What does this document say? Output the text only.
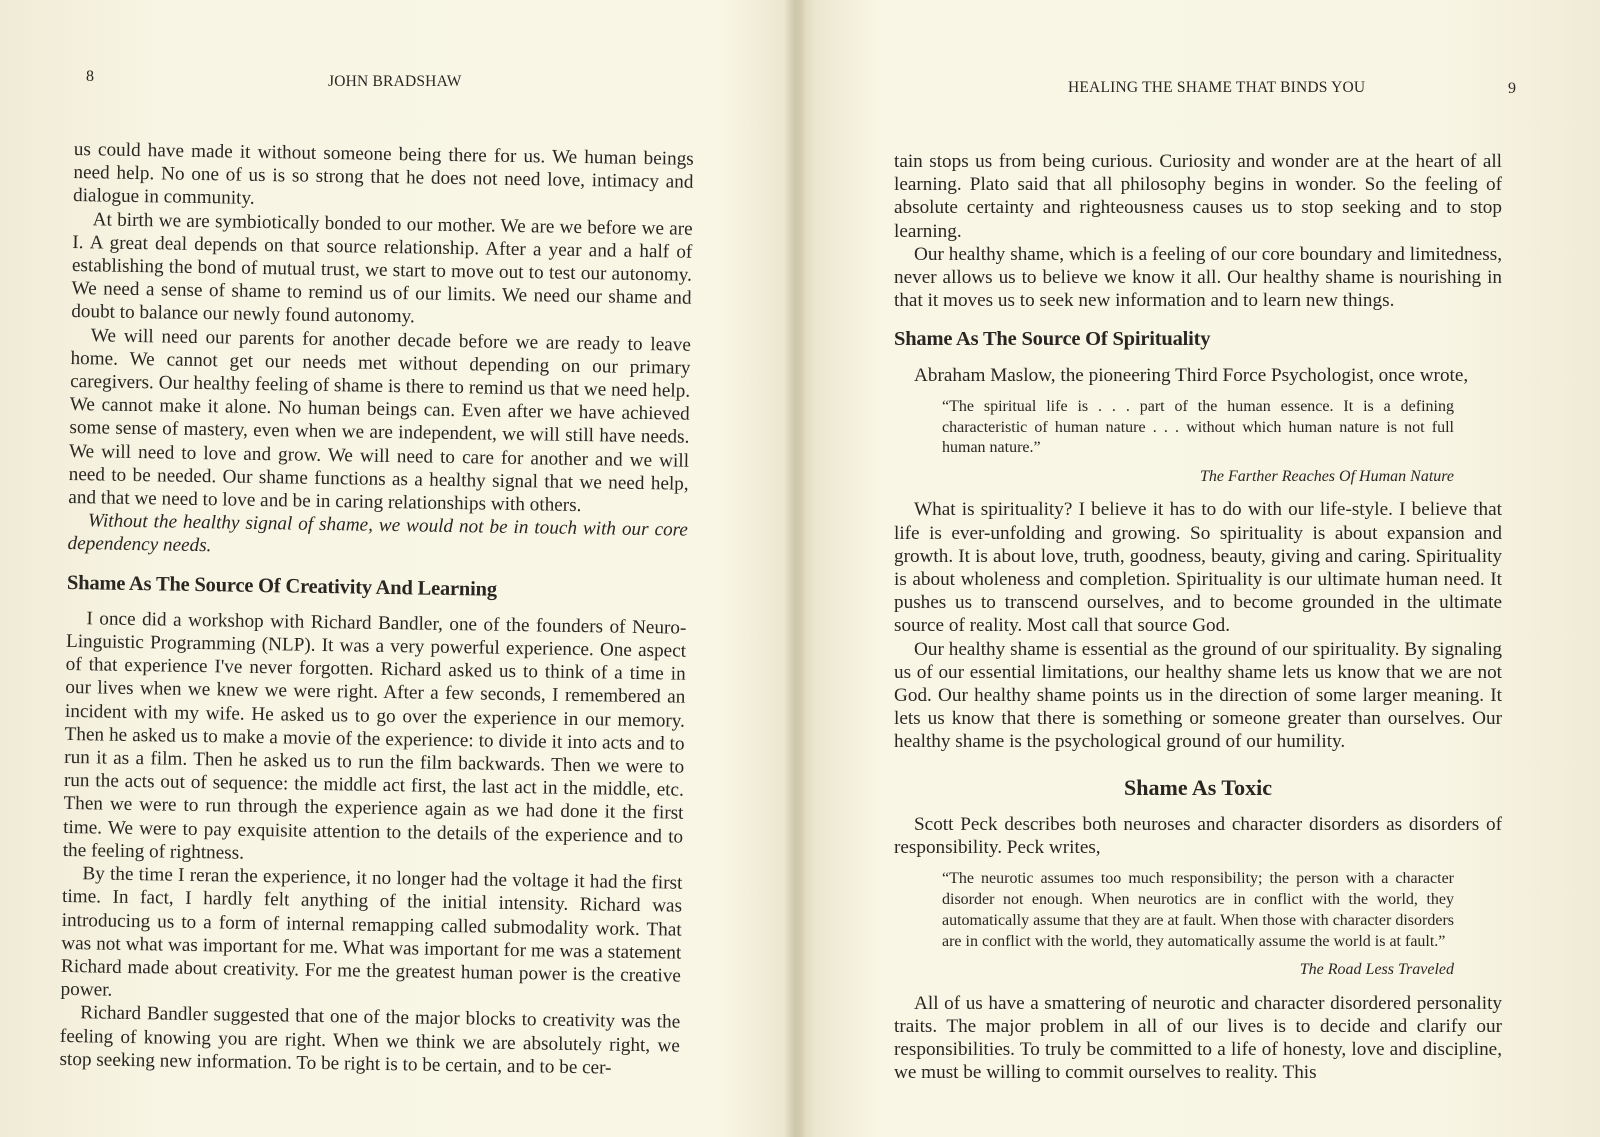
8	JOHN BRADSHAW

us could have made it without someone being there for us. We human beings need help. No one of us is so strong that he does not need love, intimacy and dialogue in community.

At birth we are symbiotically bonded to our mother. We are we before we are I. A great deal depends on that source relationship. After a year and a half of establishing the bond of mutual trust, we start to move out to test our autonomy. We need a sense of shame to remind us of our limits. We need our shame and doubt to balance our newly found autonomy.

We will need our parents for another decade before we are ready to leave home. We cannot get our needs met without depending on our primary caregivers. Our healthy feeling of shame is there to remind us that we need help. We cannot make it alone. No human beings can. Even after we have achieved some sense of mastery, even when we are independent, we will still have needs. We will need to love and grow. We will need to care for another and we will need to be needed. Our shame functions as a healthy signal that we need help, and that we need to love and be in caring relationships with others.

Without the healthy signal of shame, we would not be in touch with our core dependency needs.

Shame As The Source Of Creativity And Learning

I once did a workshop with Richard Bandler, one of the founders of Neuro-Linguistic Programming (NLP). It was a very powerful experience. One aspect of that experience I've never forgotten. Richard asked us to think of a time in our lives when we knew we were right. After a few seconds, I remembered an incident with my wife. He asked us to go over the experience in our memory. Then he asked us to make a movie of the experience: to divide it into acts and to run it as a film. Then he asked us to run the film backwards. Then we were to run the acts out of sequence: the middle act first, the last act in the middle, etc. Then we were to run through the experience again as we had done it the first time. We were to pay exquisite attention to the details of the experience and to the feeling of rightness.

By the time I reran the experience, it no longer had the voltage it had the first time. In fact, I hardly felt anything of the initial intensity. Richard was introducing us to a form of internal remapping called submodality work. That was not what was important for me. What was important for me was a statement Richard made about creativity. For me the greatest human power is the creative power.

Richard Bandler suggested that one of the major blocks to creativity was the feeling of knowing you are right. When we think we are absolutely right, we stop seeking new information. To be right is to be certain, and to be cer-

HEALING THE SHAME THAT BINDS YOU	9

tain stops us from being curious. Curiosity and wonder are at the heart of all learning. Plato said that all philosophy begins in wonder. So the feeling of absolute certainty and righteousness causes us to stop seeking and to stop learning.

Our healthy shame, which is a feeling of our core boundary and limitedness, never allows us to believe we know it all. Our healthy shame is nourishing in that it moves us to seek new information and to learn new things.

Shame As The Source Of Spirituality

Abraham Maslow, the pioneering Third Force Psychologist, once wrote,

“The spiritual life is . . . part of the human essence. It is a defining characteristic of human nature . . . without which human nature is not full human nature.”
The Farther Reaches Of Human Nature

What is spirituality? I believe it has to do with our life-style. I believe that life is ever-unfolding and growing. So spirituality is about expansion and growth. It is about love, truth, goodness, beauty, giving and caring. Spirituality is about wholeness and completion. Spirituality is our ultimate human need. It pushes us to transcend ourselves, and to become grounded in the ultimate source of reality. Most call that source God.

Our healthy shame is essential as the ground of our spirituality. By signaling us of our essential limitations, our healthy shame lets us know that we are not God. Our healthy shame points us in the direction of some larger meaning. It lets us know that there is something or someone greater than ourselves. Our healthy shame is the psychological ground of our humility.

Shame As Toxic

Scott Peck describes both neuroses and character disorders as disorders of responsibility. Peck writes,

“The neurotic assumes too much responsibility; the person with a character disorder not enough. When neurotics are in conflict with the world, they automatically assume that they are at fault. When those with character disorders are in conflict with the world, they automatically assume the world is at fault.”
The Road Less Traveled

All of us have a smattering of neurotic and character disordered personality traits. The major problem in all of our lives is to decide and clarify our responsibilities. To truly be committed to a life of honesty, love and discipline, we must be willing to commit ourselves to reality. This
